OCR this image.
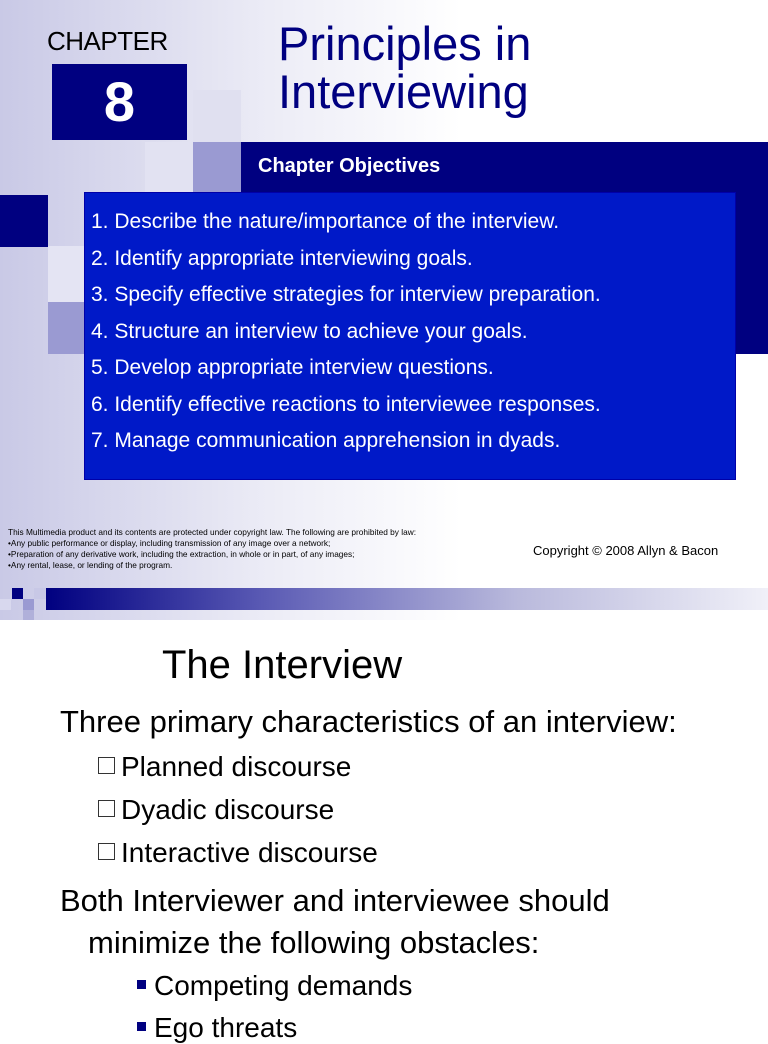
CHAPTER
8
Principles in
Interviewing
Chapter Objectives
1. Describe the nature/importance of the interview.
2. Identify appropriate interviewing goals.
3. Specify effective strategies for interview preparation.
4. Structure an interview to achieve your goals.
5. Develop appropriate interview questions.
6. Identify effective reactions to interviewee responses.
7. Manage communication apprehension in dyads.
This Multimedia product and its contents are protected under copyright law. The following are prohibited by law:
•Any public performance or display, including transmission of any image over a network;
•Preparation of any derivative work, including the extraction, in whole or in part, of any images;
•Any rental, lease, or lending of the program.
Copyright © 2008 Allyn & Bacon
The Interview
Three primary characteristics of an interview:
Planned discourse
Dyadic discourse
Interactive discourse
Both Interviewer and interviewee should
minimize the following obstacles:
Competing demands
Ego threats
